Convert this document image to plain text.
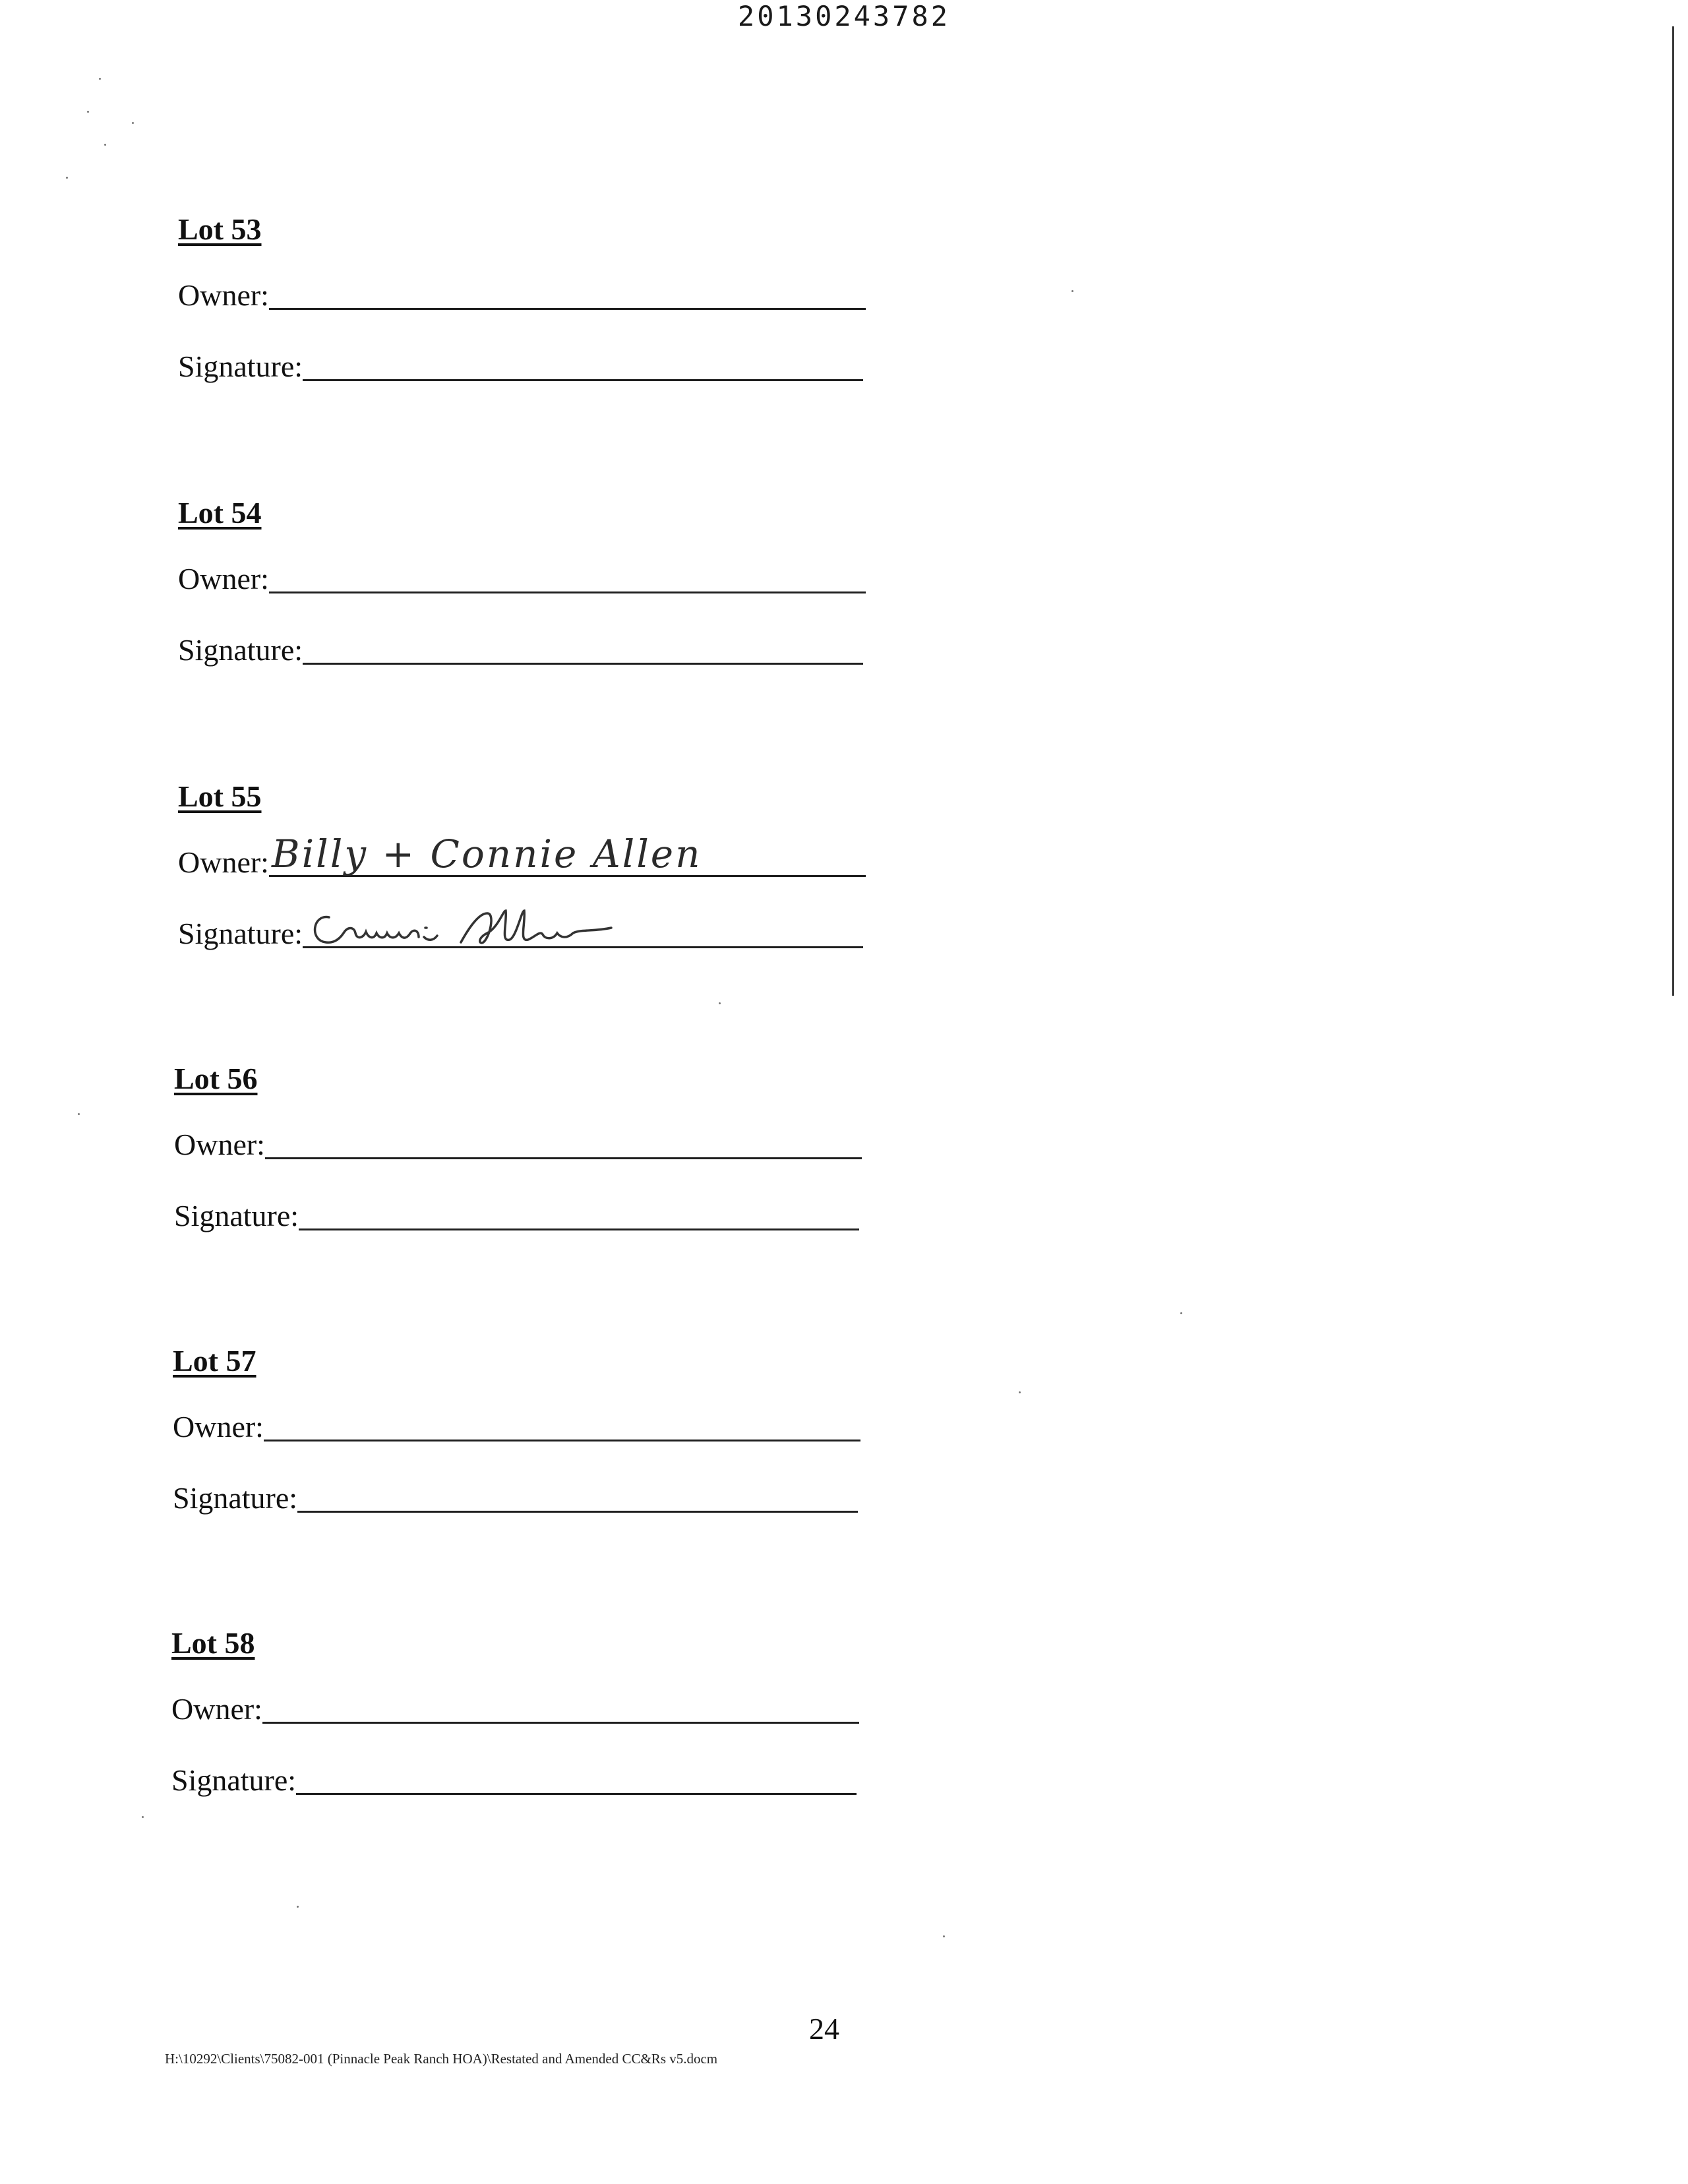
20130243782
Lot 53
Owner:
Signature:
Lot 54
Owner:
Signature:
Lot 55
Owner: Billy + Connie Allen
Signature:
Lot 56
Owner:
Signature:
Lot 57
Owner:
Signature:
Lot 58
Owner:
Signature:
24
H:\10292\Clients\75082-001 (Pinnacle Peak Ranch HOA)\Restated and Amended CC&Rs v5.docm
